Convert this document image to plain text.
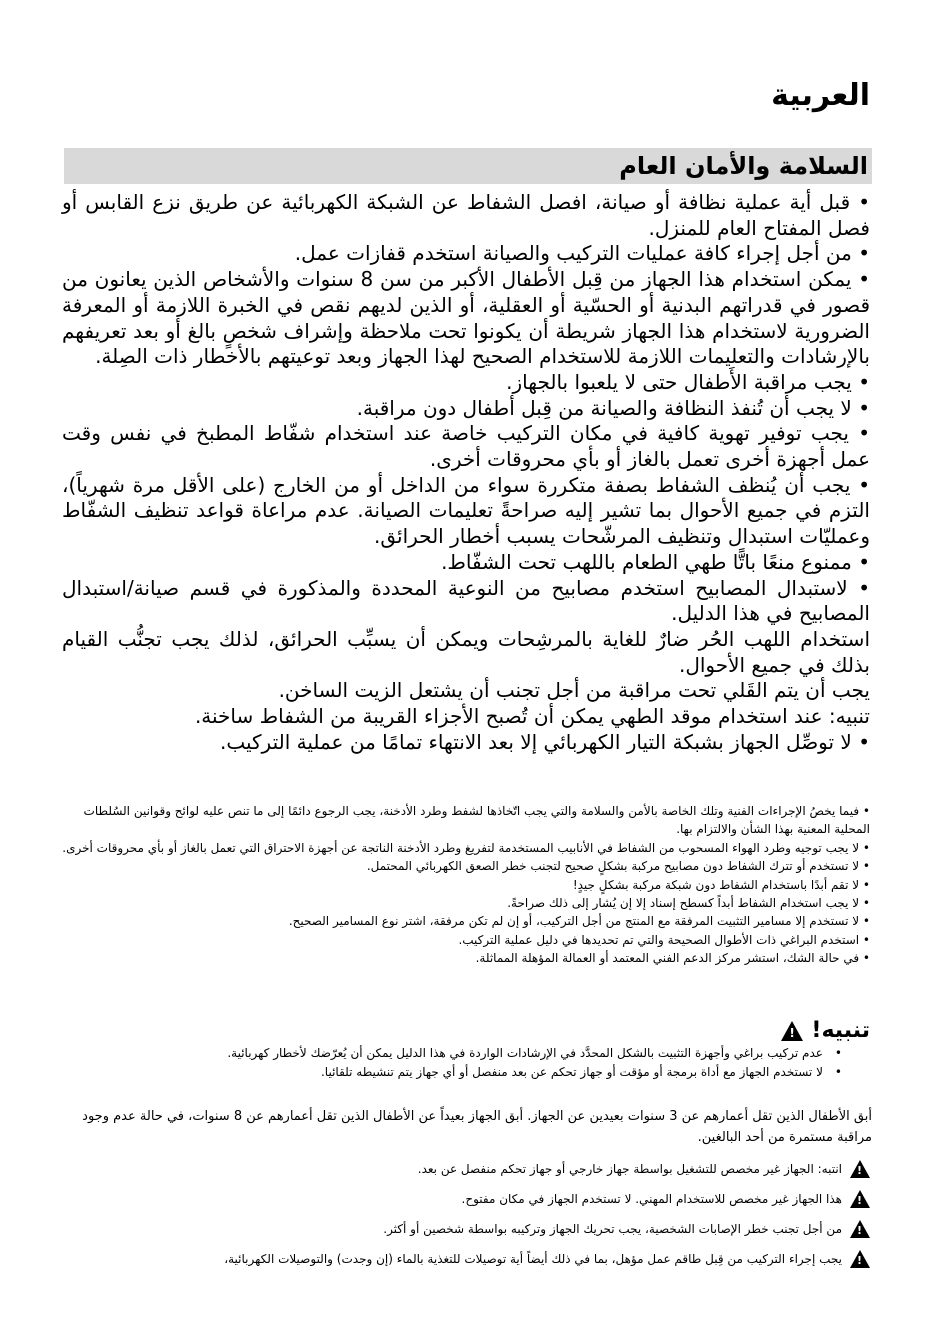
العربية
السلامة والأمان العام
• قبل أية عملية نظافة أو صيانة، افصل الشفاط عن الشبكة الكهربائية عن طريق نزع القابس أو فصل المفتاح العام للمنزل.
• من أجل إجراء كافة عمليات التركيب والصيانة استخدم قفازات عمل.
• يمكن استخدام هذا الجهاز من قِبل الأطفال الأكبر من سن 8 سنوات والأشخاص الذين يعانون من قصور في قدراتهم البدنية أو الحسّية أو العقلية، أو الذين لديهم نقص في الخبرة اللازمة أو المعرفة الضرورية لاستخدام هذا الجهاز شريطة أن يكونوا تحت ملاحظة وإشراف شخصٍ بالغ أو بعد تعريفهم بالإرشادات والتعليمات اللازمة للاستخدام الصحيح لهذا الجهاز وبعد توعيتهم بالأخطار ذات الصِلة.
• يجب مراقبة الأَطفال حتى لا يلعبوا بالجهاز.
• لا يجب أن تُنفذ النظافة والصيانة من قِبل أطفال دون مراقبة.
• يجب توفير تهوية كافية في مكان التركيب خاصة عند استخدام شفّاط المطبخ في نفس وقت عمل أجهزة أخرى تعمل بالغاز أو بأي محروقات أخرى.
• يجب أن يُنظف الشفاط بصفة متكررة سواء من الداخل أو من الخارج (على الأقل مرة شهرياً)، التزم في جميع الأحوال بما تشير إليه صراحةً تعليمات الصيانة. عدم مراعاة قواعد تنظيف الشفّاط وعمليّات استبدال وتنظيف المرشّحات يسبب أخطار الحرائق.
• ممنوع منعًا باتًّا طهي الطعام باللهب تحت الشفّاط.
• لاستبدال المصابيح استخدم مصابيح من النوعية المحددة والمذكورة في قسم صيانة/استبدال المصابيح في هذا الدليل.
استخدام اللهب الحُر ضارٌ للغاية بالمرشِحات ويمكن أن يسبِّب الحرائق، لذلك يجب تجنُّب القيام بذلك في جميع الأحوال.
يجب أن يتم القَلي تحت مراقبة من أجل تجنب أن يشتعل الزيت الساخن.
تنبيه: عند استخدام موقد الطهي يمكن أن تُصبح الأجزاء القريبة من الشفاط ساخنة.
• لا توصِّل الجهاز بشبكة التيار الكهربائي إلا بعد الانتهاء تمامًا من عملية التركيب.
• فيما يخصُ الإجراءات الفنية وتلك الخاصة بالأمن والسلامة والتي يجب اتّخاذها لشفط وطرد الأدخنة، يجب الرجوع دائمًا إلى ما تنص عليه لوائح وقوانين السُلطات المحلية المعنية بهذا الشأن والالتزام بها.
• لا يجب توجيه وطرد الهواء المسحوب من الشفاط في الأنابيب المستخدمة لتفريغ وطرد الأدخنة الناتجة عن أجهزة الاحتراق التي تعمل بالغاز أو بأي محروقات أخرى.
• لا تستخدم أو تترك الشفاط دون مصابيح مركبة بشكلٍ صحيح لتجنب خطر الصعق الكهربائي المحتمل.
• لا تقم أبدًا باستخدام الشفاط دون شبكة مركبة بشكلٍ جيدٍ!
• لا يجب استخدام الشفاط أبداً كسطح إسناد إلا إن يُشار إلى ذلك صراحةً.
• لا تستخدم إلا مسامير التثبيت المرفقة مع المنتج من أجل التركيب، أو إن لم تكن مرفقة، اشتر نوع المسامير الصحيح.
• استخدم البراغي ذات الأطوال الصحيحة والتي تم تحديدها في دليل عملية التركيب.
• في حالة الشك، استشر مركز الدعم الفني المعتمد أو العمالة المؤهلة المماثلة.
تنبيه!
!
• عدم تركيب براغي وأجهزة التثبيت بالشكل المحدَّد في الإرشادات الواردة في هذا الدليل يمكن أن يُعرّضك لأخطار كهربائية.
• لا تستخدم الجهاز مع أداة برمجة أو مؤقت أو جهاز تحكم عن بعد منفصل أو أي جهاز يتم تنشيطه تلقائيا.

أبق الأطفال الذين تقل أعمارهم عن 3 سنوات بعيدين عن الجهاز. أبق الجهاز بعيداً عن الأطفال الذين تقل أعمارهم عن 8 سنوات، في حالة عدم وجود مراقبة مستمرة من أحد البالغين.

!
انتبه: الجهاز غير مخصص للتشغيل بواسطة جهاز خارجي أو جهاز تحكم منفصل عن بعد.
!
هذا الجهاز غير مخصص للاستخدام المهني. لا تستخدم الجهاز في مكان مفتوح.
!
من أجل تجنب خطر الإصابات الشخصية، يجب تحريك الجهاز وتركيبه بواسطة شخصين أو أكثر.
!
يجب إجراء التركيب من قِبل طاقم عمل مؤهل، بما في ذلك أيضاً أية توصيلات للتغذية بالماء (إن وجدت) والتوصيلات الكهربائية،
